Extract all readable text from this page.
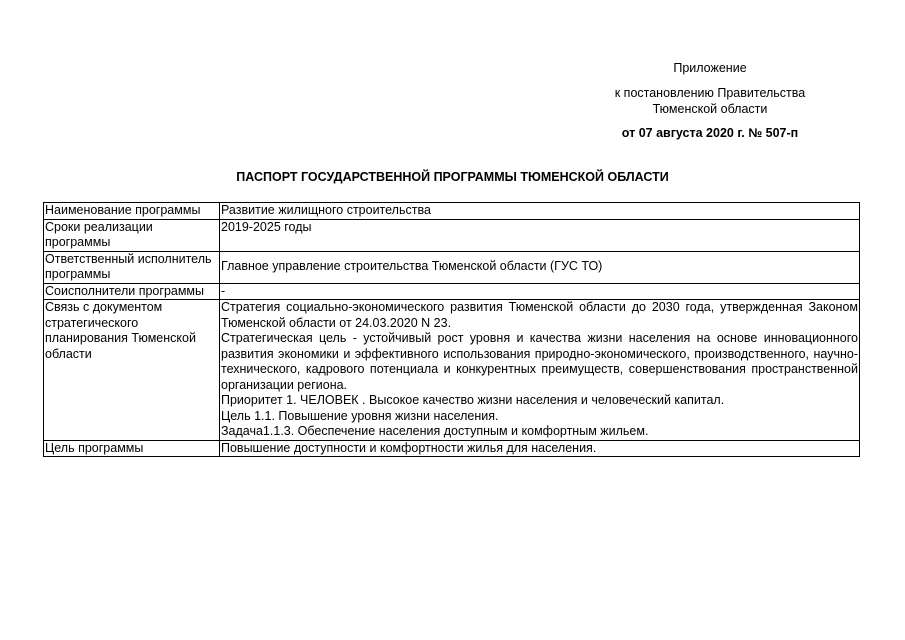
Приложение
к постановлению Правительства
Тюменской области
от 07 августа 2020 г. № 507-п
ПАСПОРТ ГОСУДАРСТВЕННОЙ ПРОГРАММЫ ТЮМЕНСКОЙ ОБЛАСТИ
Наименование программы	Развитие жилищного строительства

Сроки реализации программы	2019-2025 годы

Ответственный исполнитель программы	Главное управление строительства Тюменской области (ГУС ТО)

Соисполнители программы	-

Связь с документом стратегического планирования Тюменской области	Стратегия социально-экономического развития Тюменской области до 2030 года, утвержденная Законом Тюменской области от 24.03.2020 N 23.

Стратегическая цель - устойчивый рост уровня и качества жизни населения на основе инновационного развития экономики и эффективного использования природно-экономического, производственного, научно-технического, кадрового потенциала и конкурентных преимуществ, совершенствования пространственной организации региона.

Приоритет 1. ЧЕЛОВЕК . Высокое качество жизни населения и человеческий капитал.

Цель 1.1. Повышение уровня жизни населения.

Задача1.1.3. Обеспечение населения доступным и комфортным жильем.

Цель программы	Повышение доступности и комфортности жилья для населения.
